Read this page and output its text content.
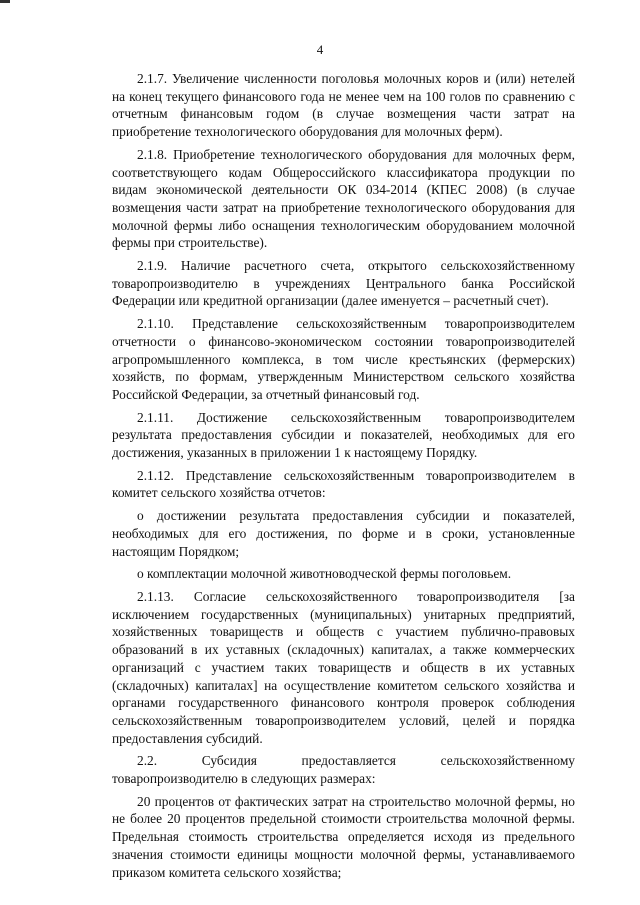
4

2.1.7. Увеличение численности поголовья молочных коров и (или) нетелей на конец текущего финансового года не менее чем на 100 голов по сравнению с отчетным финансовым годом (в случае возмещения части затрат на приобретение технологического оборудования для молочных ферм).

2.1.8. Приобретение технологического оборудования для молочных ферм, соответствующего кодам Общероссийского классификатора продукции по видам экономической деятельности ОК 034-2014 (КПЕС 2008) (в случае возмещения части затрат на приобретение технологического оборудования для молочной фермы либо оснащения технологическим оборудованием молочной фермы при строительстве).

2.1.9. Наличие расчетного счета, открытого сельскохозяйственному товаропроизводителю в учреждениях Центрального банка Российской Федерации или кредитной организации (далее именуется – расчетный счет).

2.1.10. Представление сельскохозяйственным товаропроизводителем отчетности о финансово-экономическом состоянии товаропроизводителей агропромышленного комплекса, в том числе крестьянских (фермерских) хозяйств, по формам, утвержденным Министерством сельского хозяйства Российской Федерации, за отчетный финансовый год.

2.1.11. Достижение сельскохозяйственным товаропроизводителем результата предоставления субсидии и показателей, необходимых для его достижения, указанных в приложении 1 к настоящему Порядку.

2.1.12. Представление сельскохозяйственным товаропроизводителем в комитет сельского хозяйства отчетов:

о достижении результата предоставления субсидии и показателей, необходимых для его достижения, по форме и в сроки, установленные настоящим Порядком;

о комплектации молочной животноводческой фермы поголовьем.

2.1.13. Согласие сельскохозяйственного товаропроизводителя [за исключением государственных (муниципальных) унитарных предприятий, хозяйственных товариществ и обществ с участием публично-правовых образований в их уставных (складочных) капиталах, а также коммерческих организаций с участием таких товариществ и обществ в их уставных (складочных) капиталах] на осуществление комитетом сельского хозяйства и органами государственного финансового контроля проверок соблюдения сельскохозяйственным товаропроизводителем условий, целей и порядка предоставления субсидий.

2.2. Субсидия предоставляется сельскохозяйственному товаропроизводителю в следующих размерах:

20 процентов от фактических затрат на строительство молочной фермы, но не более 20 процентов предельной стоимости строительства молочной фермы. Предельная стоимость строительства определяется исходя из предельного значения стоимости единицы мощности молочной фермы, устанавливаемого приказом комитета сельского хозяйства;
